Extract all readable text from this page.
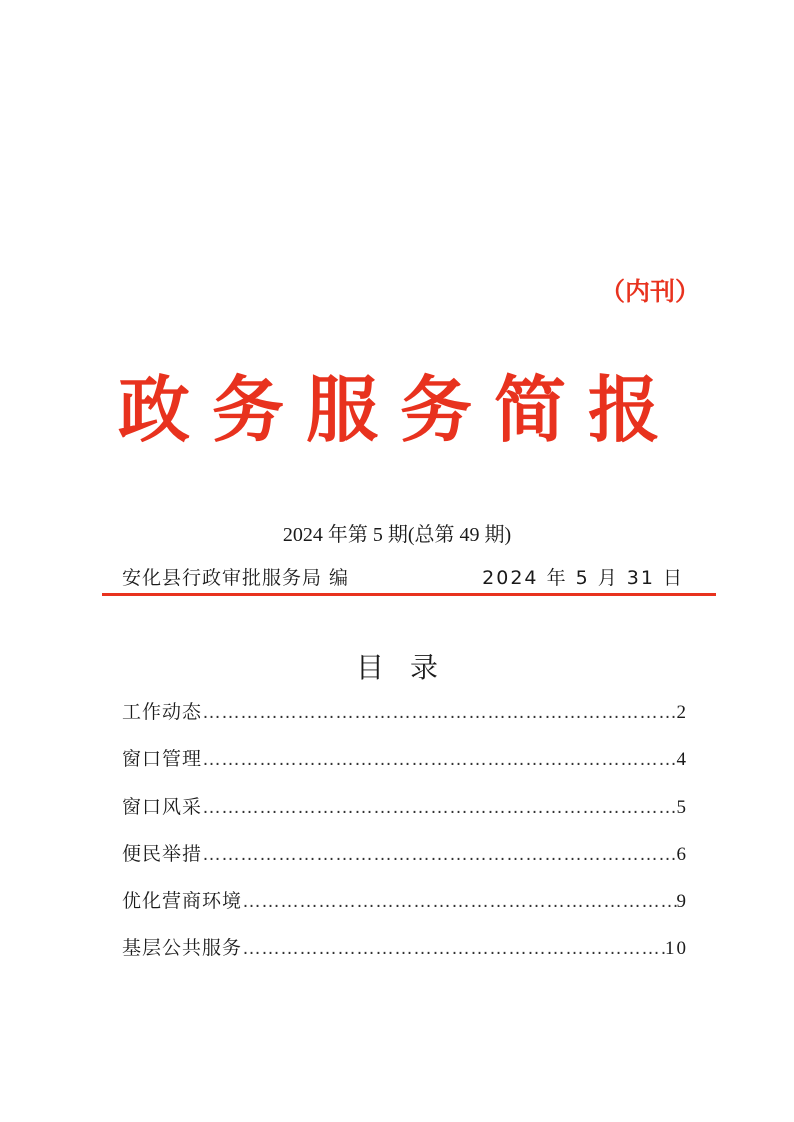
（内刊）
政务服务简报
2024 年第 5 期(总第 49 期)
安化县行政审批服务局 编	2024 年 5 月 31 日
目录
工作动态 …………………………………………………………………………………………………………	2
窗口管理 …………………………………………………………………………………………………………	4
窗口风采 …………………………………………………………………………………………………………	5
便民举措 …………………………………………………………………………………………………………	6
优化营商环境 …………………………………………………………………………………………………………	9
基层公共服务 …………………………………………………………………………………………………………	10
